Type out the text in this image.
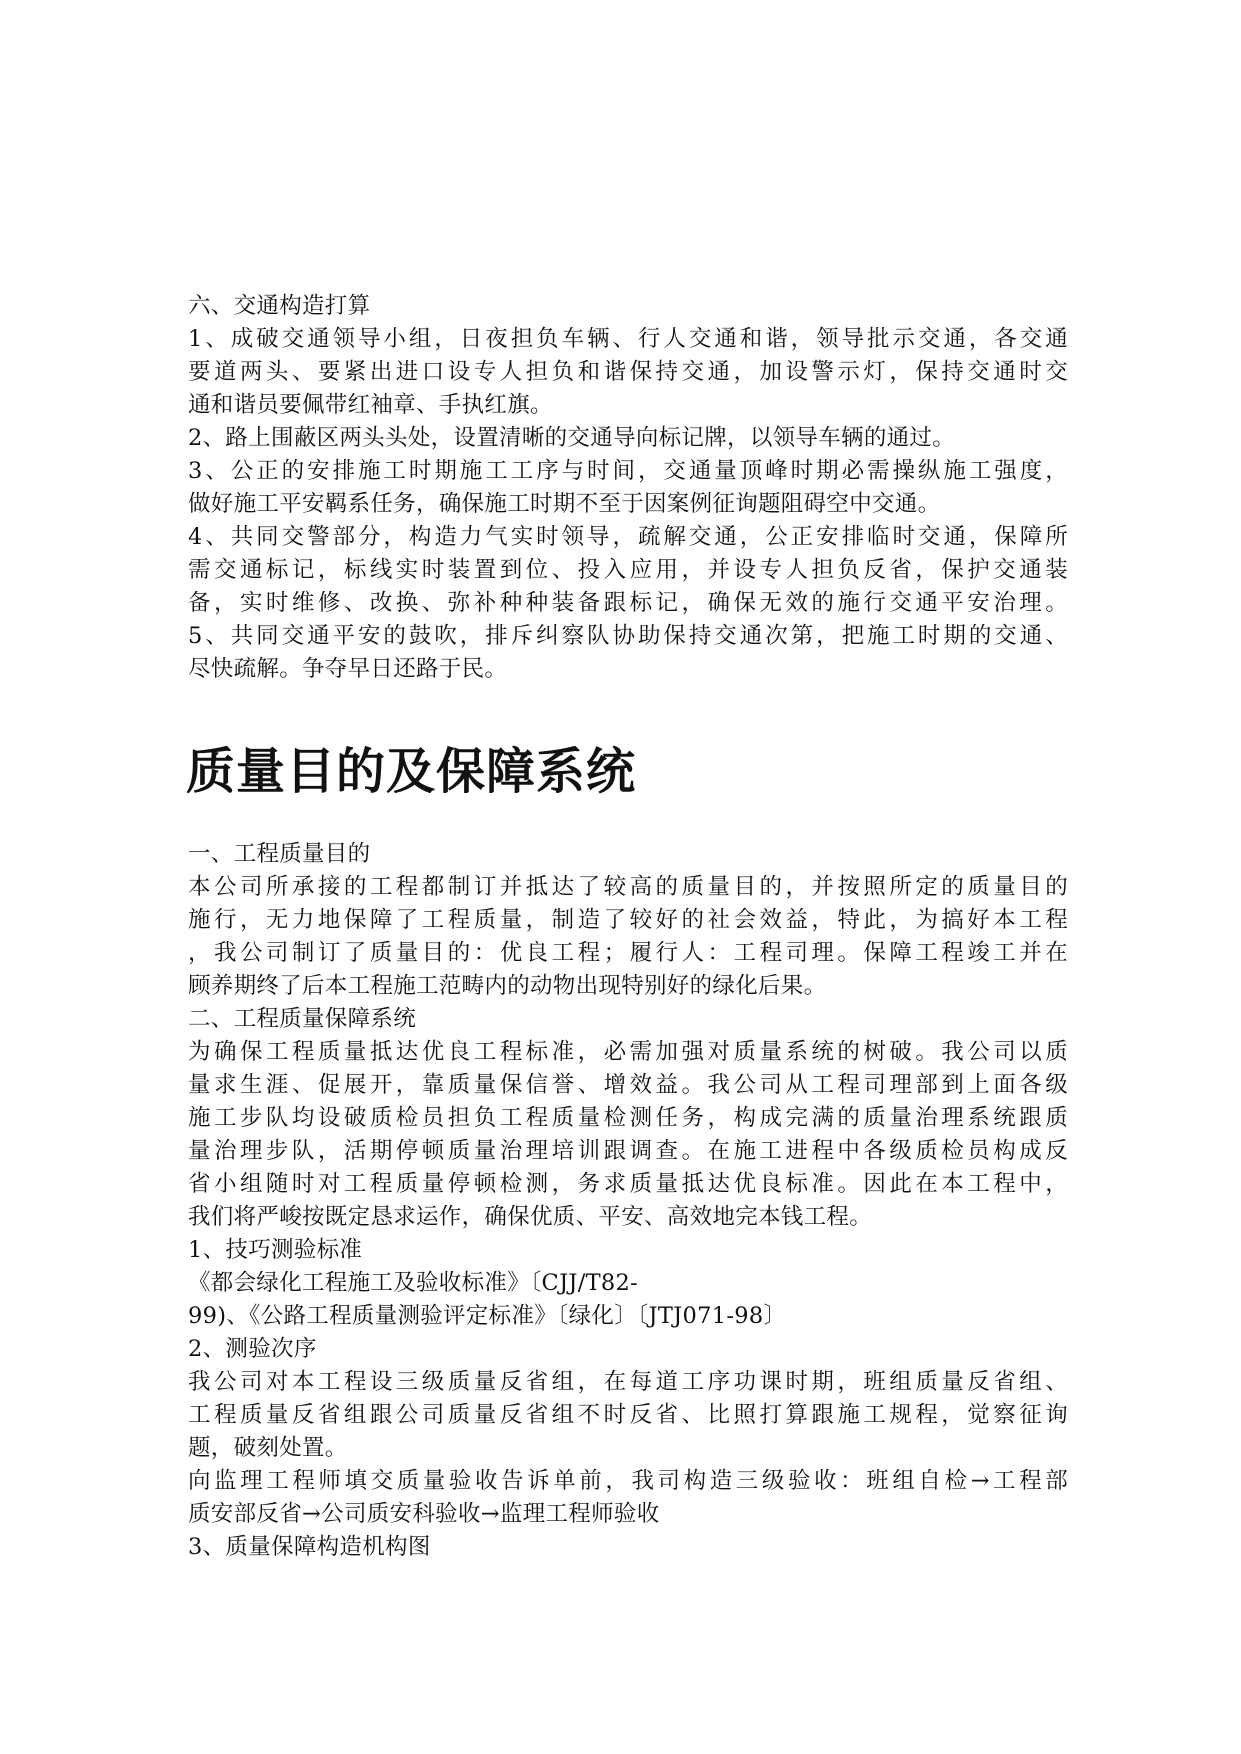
六、交通构造打算
1、成破交通领导小组，日夜担负车辆、行人交通和谐，领导批示交通，各交通
要道两头、要紧出进口设专人担负和谐保持交通，加设警示灯，保持交通时交
通和谐员要佩带红袖章、手执红旗。
2、路上围蔽区两头头处，设置清晰的交通导向标记牌，以领导车辆的通过。
3、公正的安排施工时期施工工序与时间，交通量顶峰时期必需操纵施工强度，
做好施工平安羁系任务，确保施工时期不至于因案例征询题阻碍空中交通。
4、共同交警部分，构造力气实时领导，疏解交通，公正安排临时交通，保障所
需交通标记，标线实时装置到位、投入应用，并设专人担负反省，保护交通装
备，实时维修、改换、弥补种种装备跟标记，确保无效的施行交通平安治理。
5、共同交通平安的鼓吹，排斥纠察队协助保持交通次第，把施工时期的交通、
尽快疏解。争夺早日还路于民。
质量目的及保障系统
一、工程质量目的
本公司所承接的工程都制订并抵达了较高的质量目的，并按照所定的质量目的
施行，无力地保障了工程质量，制造了较好的社会效益，特此，为搞好本工程
，我公司制订了质量目的：优良工程；履行人：工程司理。保障工程竣工并在
顾养期终了后本工程施工范畴内的动物出现特别好的绿化后果。
二、工程质量保障系统
为确保工程质量抵达优良工程标准，必需加强对质量系统的树破。我公司以质
量求生涯、促展开，靠质量保信誉、增效益。我公司从工程司理部到上面各级
施工步队均设破质检员担负工程质量检测任务，构成完满的质量治理系统跟质
量治理步队，活期停顿质量治理培训跟调查。在施工进程中各级质检员构成反
省小组随时对工程质量停顿检测，务求质量抵达优良标准。因此在本工程中，
我们将严峻按既定恳求运作，确保优质、平安、高效地完本钱工程。
1、技巧测验标准
《都会绿化工程施工及验收标准》〔CJJ/T82-
99)、《公路工程质量测验评定标准》〔绿化〕〔JTJ071-98〕
2、测验次序
我公司对本工程设三级质量反省组，在每道工序功课时期，班组质量反省组、
工程质量反省组跟公司质量反省组不时反省、比照打算跟施工规程，觉察征询
题，破刻处置。
向监理工程师填交质量验收告诉单前，我司构造三级验收：班组自检→工程部
质安部反省→公司质安科验收→监理工程师验收
3、质量保障构造机构图
